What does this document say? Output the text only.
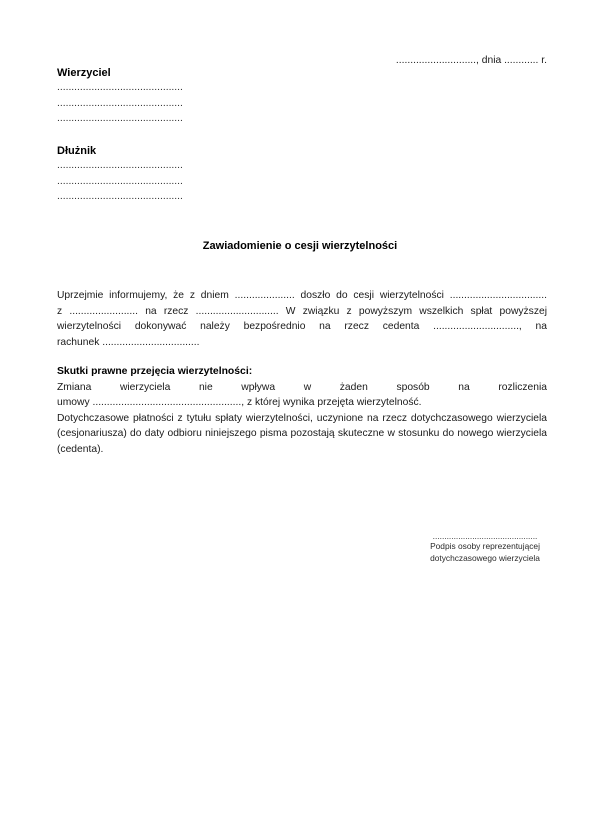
............................, dnia ............ r.
Wierzyciel
............................................
............................................
............................................
Dłużnik
............................................
............................................
............................................
Zawiadomienie o cesji wierzytelności
Uprzejmie informujemy, że z dniem ..................... doszło do cesji wierzytelności ..................................
z ........................ na rzecz ............................. W związku z powyższym wszelkich spłat powyższej
wierzytelności dokonywać należy bezpośrednio na rzecz cedenta .............................., na
rachunek ..................................
Skutki prawne przejęcia wierzytelności:
Zmiana wierzyciela nie wpływa w żaden sposób na rozliczenia
umowy ...................................................., z której wynika przejęta wierzytelność.
Dotychczasowe płatności z tytułu spłaty wierzytelności, uczynione na rzecz dotychczasowego wierzyciela
(cesjonariusza) do daty odbioru niniejszego pisma pozostają skuteczne w stosunku do nowego wierzyciela
(cedenta).
.............................................
Podpis osoby reprezentującej
dotychczasowego wierzyciela
